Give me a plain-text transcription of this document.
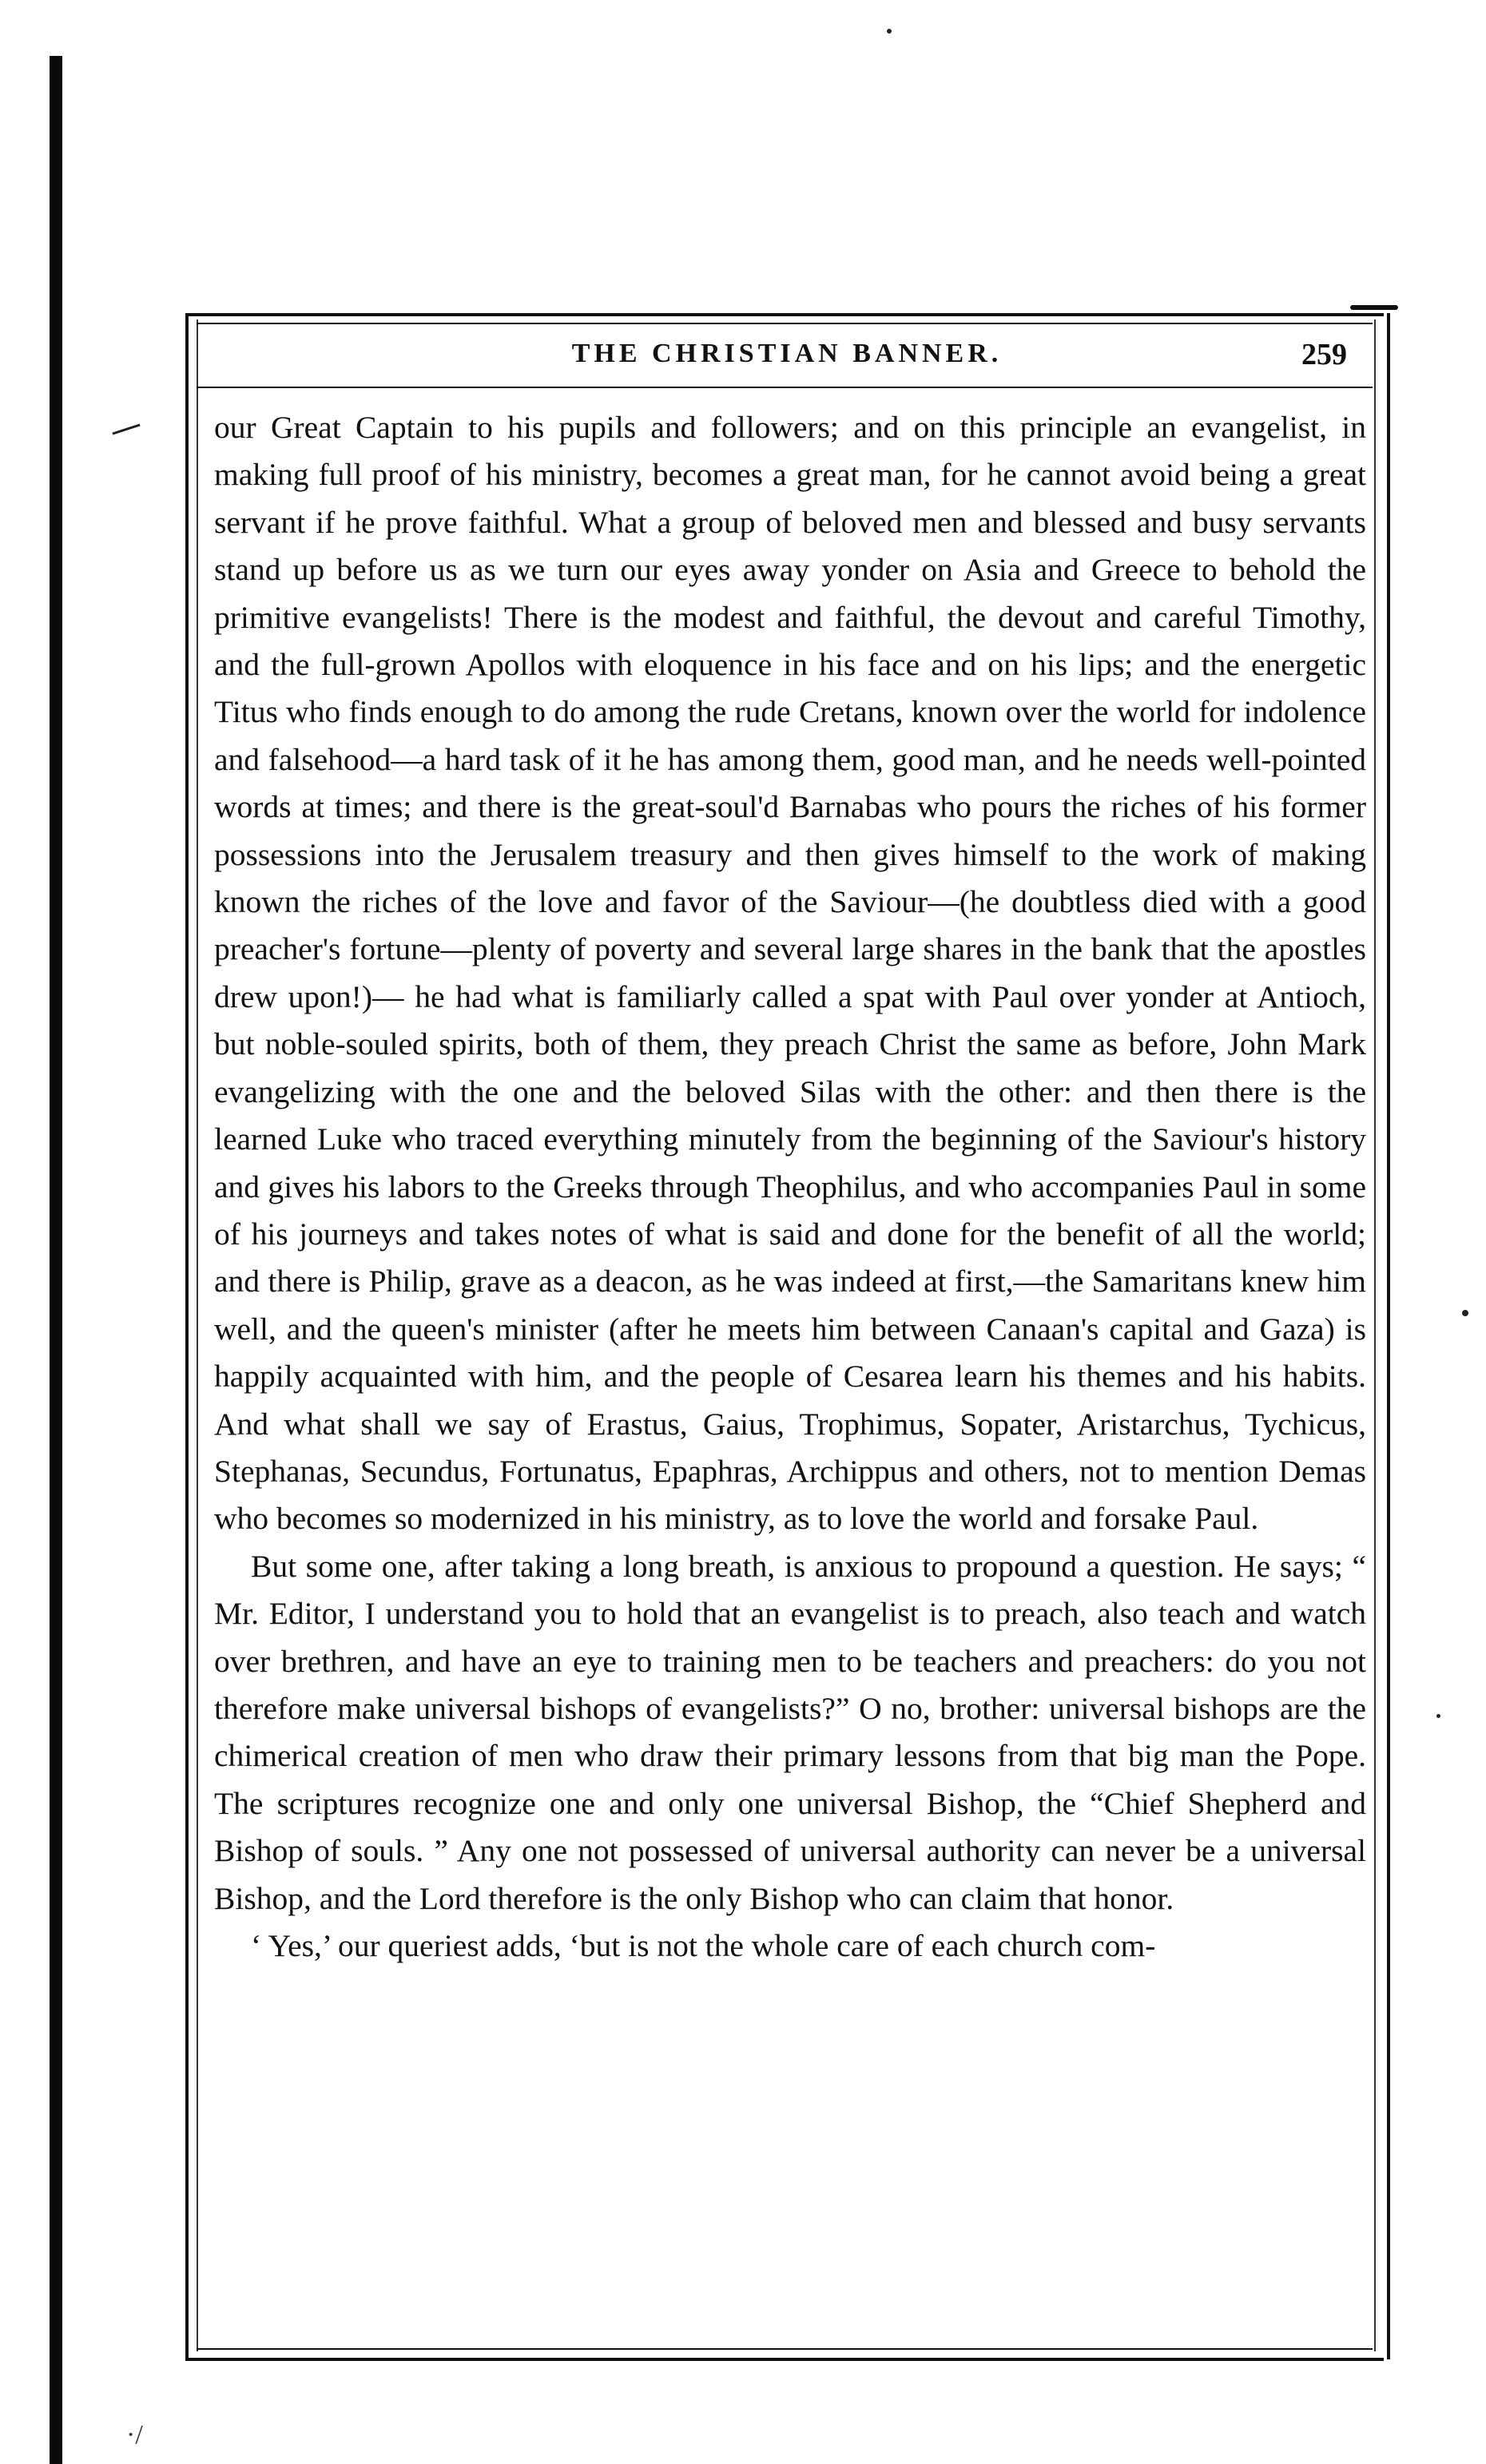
THE CHRISTIAN BANNER.	259

our Great Captain to his pupils and followers; and on this principle an evangelist, in making full proof of his ministry, becomes a great man, for he cannot avoid being a great servant if he prove faithful. What a group of beloved men and blessed and busy servants stand up before us as we turn our eyes away yonder on Asia and Greece to behold the primitive evangelists! There is the modest and faithful, the devout and careful Timothy, and the full-grown Apollos with eloquence in his face and on his lips; and the energetic Titus who finds enough to do among the rude Cretans, known over the world for indolence and falsehood—a hard task of it he has among them, good man, and he needs well-pointed words at times; and there is the great-soul'd Barnabas who pours the riches of his former possessions into the Jerusalem treasury and then gives himself to the work of making known the riches of the love and favor of the Saviour—(he doubtless died with a good preacher's fortune—plenty of poverty and several large shares in the bank that the apostles drew upon!)— he had what is familiarly called a spat with Paul over yonder at Antioch, but noble-souled spirits, both of them, they preach Christ the same as before, John Mark evangelizing with the one and the beloved Silas with the other: and then there is the learned Luke who traced everything minutely from the beginning of the Saviour's history and gives his labors to the Greeks through Theophilus, and who accompanies Paul in some of his journeys and takes notes of what is said and done for the benefit of all the world; and there is Philip, grave as a deacon, as he was indeed at first,—the Samaritans knew him well, and the queen's minister (after he meets him between Canaan's capital and Gaza) is happily acquainted with him, and the people of Cesarea learn his themes and his habits. And what shall we say of Erastus, Gaius, Trophimus, Sopater, Aristarchus, Tychicus, Stephanas, Secundus, Fortunatus, Epaphras, Archippus and others, not to mention Demas who becomes so modernized in his ministry, as to love the world and forsake Paul.

But some one, after taking a long breath, is anxious to propound a question. He says; “ Mr. Editor, I understand you to hold that an evangelist is to preach, also teach and watch over brethren, and have an eye to training men to be teachers and preachers: do you not therefore make universal bishops of evangelists?” O no, brother: universal bishops are the chimerical creation of men who draw their primary lessons from that big man the Pope. The scriptures recognize one and only one universal Bishop, the “Chief Shepherd and Bishop of souls. ” Any one not possessed of universal authority can never be a universal Bishop, and the Lord therefore is the only Bishop who can claim that honor.

‘ Yes,’ our queriest adds, ‘but is not the whole care of each church com-

·/
